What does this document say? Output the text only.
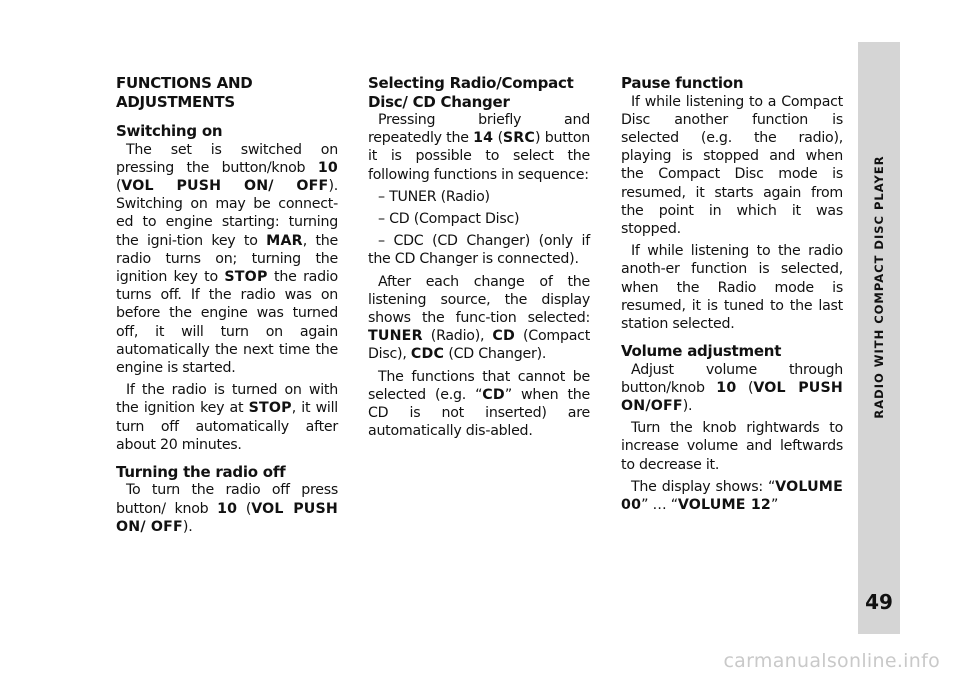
FUNCTIONS AND ADJUSTMENTS

Switching on

The set is switched on pressing the button/knob 10 (VOL PUSH ON/ OFF). Switching on may be connect-ed to engine starting: turning the igni-tion key to MAR, the radio turns on; turning the ignition key to STOP the radio turns off. If the radio was on before the engine was turned off, it will turn on again automatically the next time the engine is started.

If the radio is turned on with the ignition key at STOP, it will turn off automatically after about 20 minutes.

Turning the radio off

To turn the radio off press button/ knob 10 (VOL PUSH ON/ OFF).

Selecting Radio/Compact Disc/ CD Changer

Pressing briefly and repeatedly the 14 (SRC) button it is possible to select the following functions in sequence:

– TUNER (Radio)

– CD (Compact Disc)

– CDC (CD Changer) (only if the CD Changer is connected).

After each change of the listening source, the display shows the func-tion selected: TUNER (Radio), CD (Compact Disc), CDC (CD Changer).

The functions that cannot be selected (e.g. “CD” when the CD is not inserted) are automatically dis-abled.

Pause function

If while listening to a Compact Disc another function is selected (e.g. the radio), playing is stopped and when the Compact Disc mode is resumed, it starts again from the point in which it was stopped.

If while listening to the radio anoth-er function is selected, when the Radio mode is resumed, it is tuned to the last station selected.

Volume adjustment

Adjust volume through button/knob 10 (VOL PUSH ON/OFF).

Turn the knob rightwards to increase volume and leftwards to decrease it.

The display shows: “VOLUME 00” … “VOLUME 12”

RADIO WITH COMPACT DISC PLAYER
49
carmanualsonline.info
